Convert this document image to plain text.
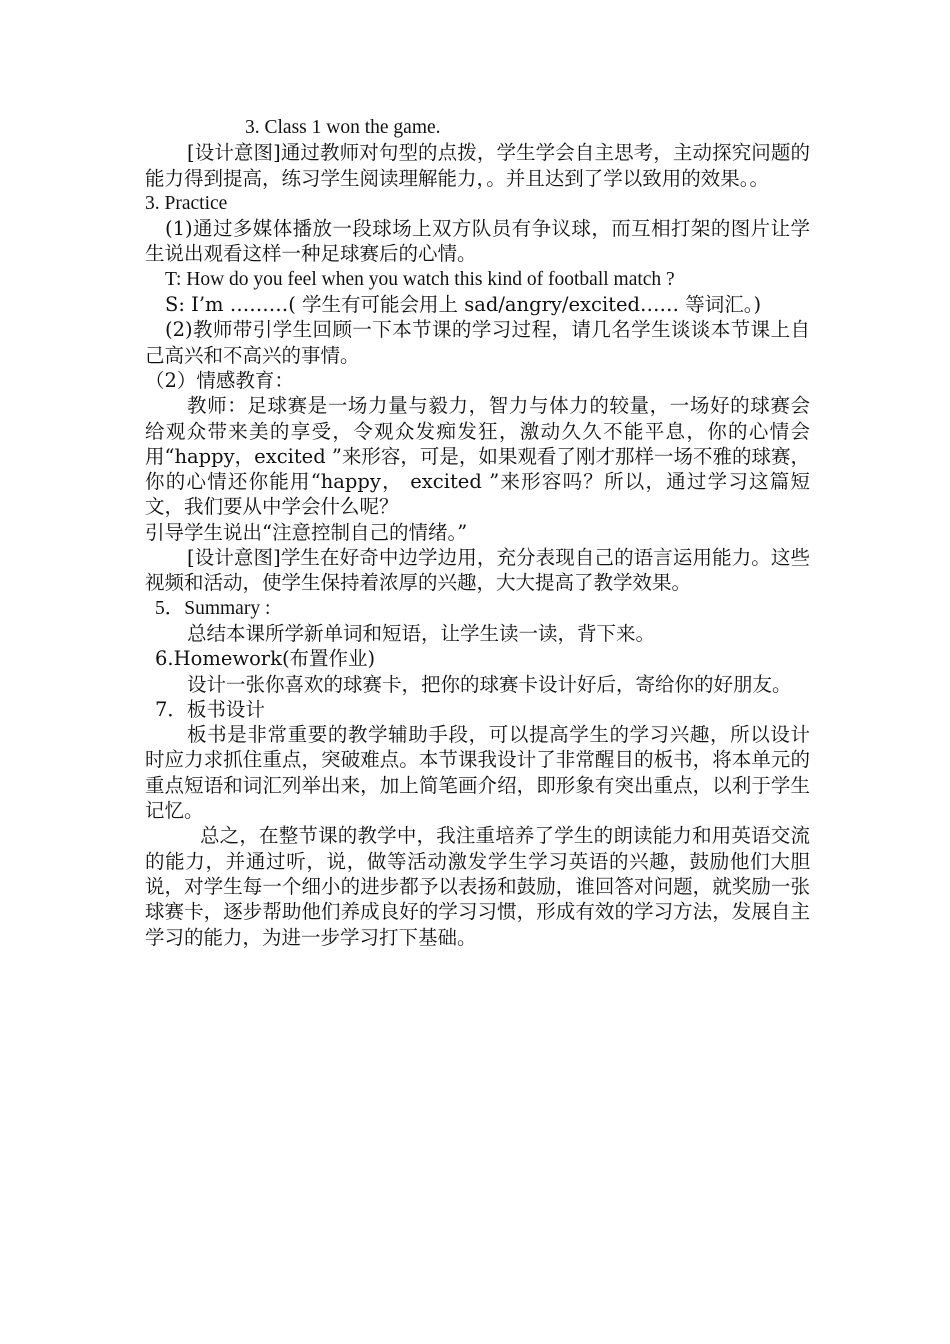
3. Class 1 won the game.

[设计意图]通过教师对句型的点拨，学生学会自主思考，主动探究问题的能力得到提高，练习学生阅读理解能力，。并且达到了学以致用的效果。。

3. Practice

(1)通过多媒体播放一段球场上双方队员有争议球，而互相打架的图片让学生说出观看这样一种足球赛后的心情。

T: How do you feel when you watch this kind of football match ?

S: I’m ………( 学生有可能会用上 sad/angry/excited…… 等词汇。)

(2)教师带引学生回顾一下本节课的学习过程，请几名学生谈谈本节课上自己高兴和不高兴的事情。

（2）情感教育：

教师：足球赛是一场力量与毅力，智力与体力的较量，一场好的球赛会给观众带来美的享受，令观众发痴发狂，激动久久不能平息，你的心情会用“happy，excited ”来形容，可是，如果观看了刚才那样一场不雅的球赛，你的心情还你能用“happy， excited ”来形容吗？所以，通过学习这篇短文，我们要从中学会什么呢？

引导学生说出“注意控制自己的情绪。”

[设计意图]学生在好奇中边学边用，充分表现自己的语言运用能力。这些视频和活动，使学生保持着浓厚的兴趣，大大提高了教学效果。

5．Summary :

总结本课所学新单词和短语，让学生读一读，背下来。

6.Homework(布置作业)

设计一张你喜欢的球赛卡，把你的球赛卡设计好后，寄给你的好朋友。

7．板书设计

板书是非常重要的教学辅助手段，可以提高学生的学习兴趣，所以设计时应力求抓住重点，突破难点。本节课我设计了非常醒目的板书，将本单元的重点短语和词汇列举出来，加上简笔画介绍，即形象有突出重点，以利于学生记忆。

总之，在整节课的教学中，我注重培养了学生的朗读能力和用英语交流的能力，并通过听，说，做等活动激发学生学习英语的兴趣，鼓励他们大胆说，对学生每一个细小的进步都予以表扬和鼓励，谁回答对问题，就奖励一张球赛卡，逐步帮助他们养成良好的学习习惯，形成有效的学习方法，发展自主学习的能力，为进一步学习打下基础。
